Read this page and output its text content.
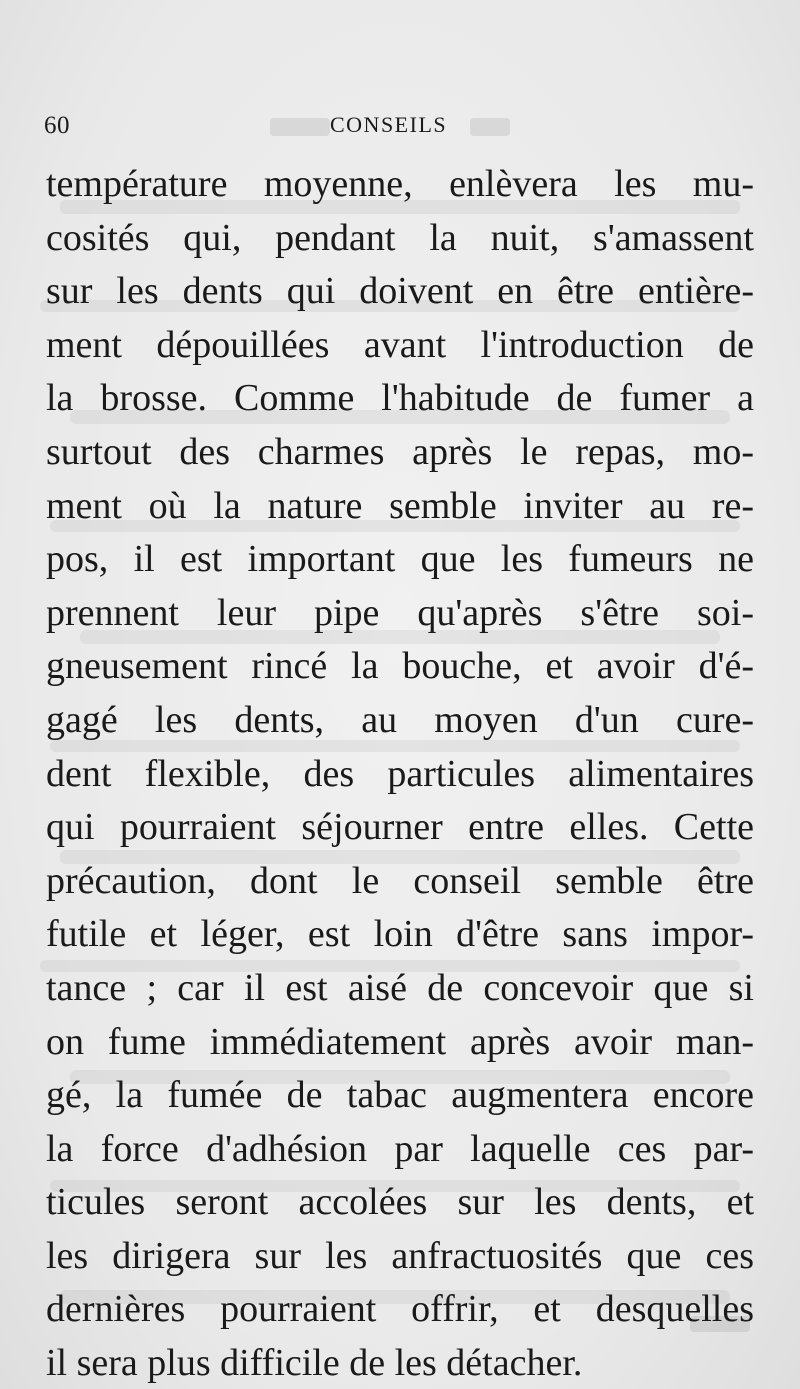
60	CONSEILS
température moyenne, enlèvera les mu-
cosités qui, pendant la nuit, s'amassent
sur les dents qui doivent en être entière-
ment dépouillées avant l'introduction de
la brosse. Comme l'habitude de fumer a
surtout des charmes après le repas, mo-
ment où la nature semble inviter au re-
pos, il est important que les fumeurs ne
prennent leur pipe qu'après s'être soi-
gneusement rincé la bouche, et avoir d'é-
gagé les dents, au moyen d'un cure-
dent flexible, des particules alimentaires
qui pourraient séjourner entre elles. Cette
précaution, dont le conseil semble être
futile et léger, est loin d'être sans impor-
tance ; car il est aisé de concevoir que si
on fume immédiatement après avoir man-
gé, la fumée de tabac augmentera encore
la force d'adhésion par laquelle ces par-
ticules seront accolées sur les dents, et
les dirigera sur les anfractuosités que ces
dernières pourraient offrir, et desquelles
il sera plus difficile de les détacher.
